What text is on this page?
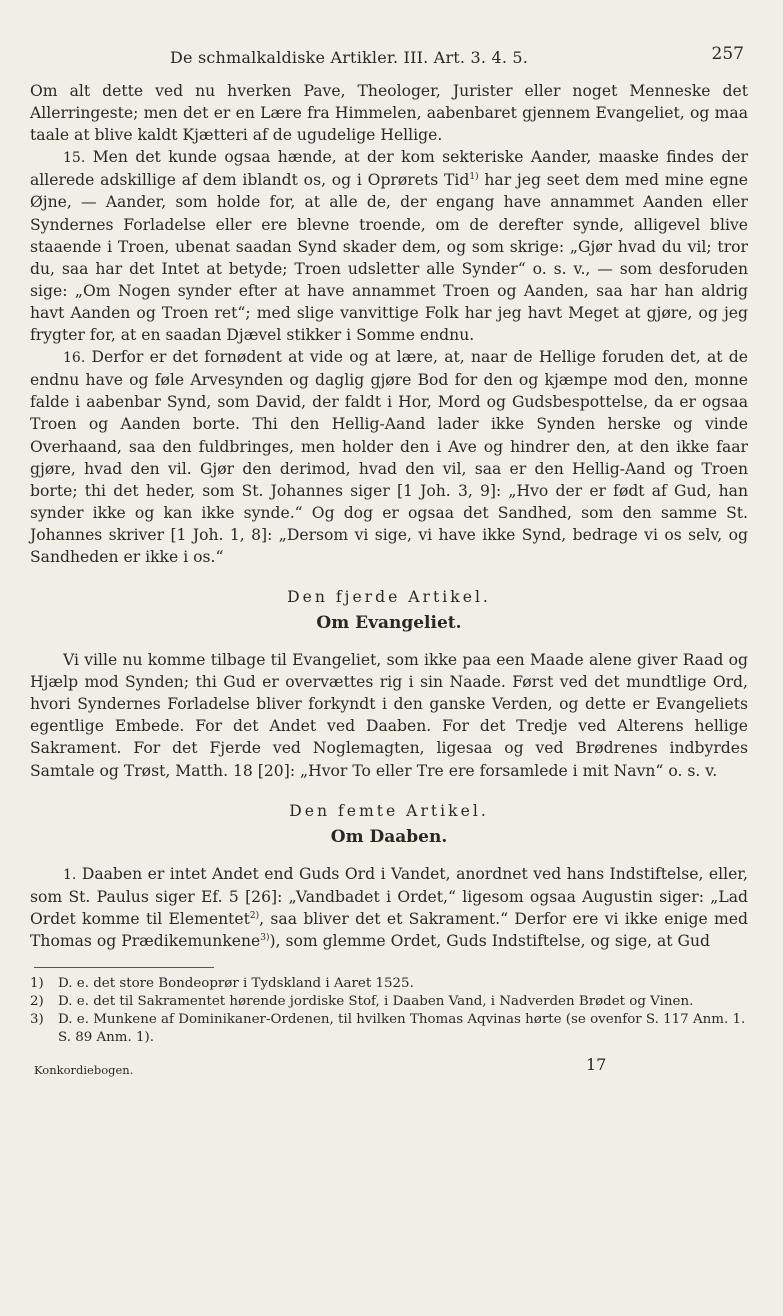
De schmalkaldiske Artikler. III. Art. 3. 4. 5.	257

Om alt dette ved nu hverken Pave, Theologer, Jurister eller noget Menneske det Allerringeste; men det er en Lære fra Himmelen, aabenbaret gjennem Evangeliet, og maa taale at blive kaldt Kjætteri af de ugudelige Hellige.

15. Men det kunde ogsaa hænde, at der kom sekteriske Aander, maaske findes der allerede adskillige af dem iblandt os, og i Oprørets Tid$^{1)}$ har jeg seet dem med mine egne Øjne, — Aander, som holde for, at alle de, der engang have annammet Aanden eller Syndernes Forladelse eller ere blevne troende, om de derefter synde, alligevel blive staaende i Troen, ubenat saadan Synd skader dem, og som skrige: „Gjør hvad du vil; tror du, saa har det Intet at betyde; Troen udsletter alle Synder“ o. s. v., — som desforuden sige: „Om Nogen synder efter at have annammet Troen og Aanden, saa har han aldrig havt Aanden og Troen ret“; med slige vanvittige Folk har jeg havt Meget at gjøre, og jeg frygter for, at en saadan Djævel stikker i Somme endnu.

16. Derfor er det fornødent at vide og at lære, at, naar de Hellige foruden det, at de endnu have og føle Arvesynden og daglig gjøre Bod for den og kjæmpe mod den, monne falde i aabenbar Synd, som David, der faldt i Hor, Mord og Gudsbespottelse, da er ogsaa Troen og Aanden borte. Thi den Hellig-Aand lader ikke Synden herske og vinde Overhaand, saa den fuldbringes, men holder den i Ave og hindrer den, at den ikke faar gjøre, hvad den vil. Gjør den derimod, hvad den vil, saa er den Hellig-Aand og Troen borte; thi det heder, som St. Johannes siger [1 Joh. 3, 9]: „Hvo der er født af Gud, han synder ikke og kan ikke synde.“ Og dog er ogsaa det Sandhed, som den samme St. Johannes skriver [1 Joh. 1, 8]: „Dersom vi sige, vi have ikke Synd, bedrage vi os selv, og Sandheden er ikke i os.“

Den fjerde Artikel.
Om Evangeliet.

Vi ville nu komme tilbage til Evangeliet, som ikke paa een Maade alene giver Raad og Hjælp mod Synden; thi Gud er overvættes rig i sin Naade. Først ved det mundtlige Ord, hvori Syndernes Forladelse bliver forkyndt i den ganske Verden, og dette er Evangeliets egentlige Embede. For det Andet ved Daaben. For det Tredje ved Alterens hellige Sakrament. For det Fjerde ved Noglemagten, ligesaa og ved Brødrenes indbyrdes Samtale og Trøst, Matth. 18 [20]: „Hvor To eller Tre ere forsamlede i mit Navn“ o. s. v.

Den femte Artikel.
Om Daaben.

1. Daaben er intet Andet end Guds Ord i Vandet, anordnet ved hans Indstiftelse, eller, som St. Paulus siger Ef. 5 [26]: „Vandbadet i Ordet,“ ligesom ogsaa Augustin siger: „Lad Ordet komme til Elementet$^{2)}$, saa bliver det et Sakrament.“ Derfor ere vi ikke enige med Thomas og Prædikemunkene$^{3)}$), som glemme Ordet, Guds Indstiftelse, og sige, at Gud

1) D. e. det store Bondeoprør i Tydskland i Aaret 1525.
2) D. e. det til Sakramentet hørende jordiske Stof, i Daaben Vand, i Nadverden Brødet og Vinen.
3) D. e. Munkene af Dominikaner-Ordenen, til hvilken Thomas Aqvinas hørte (se ovenfor S. 117 Anm. 1. S. 89 Anm. 1).
Konkordiebogen.	17
